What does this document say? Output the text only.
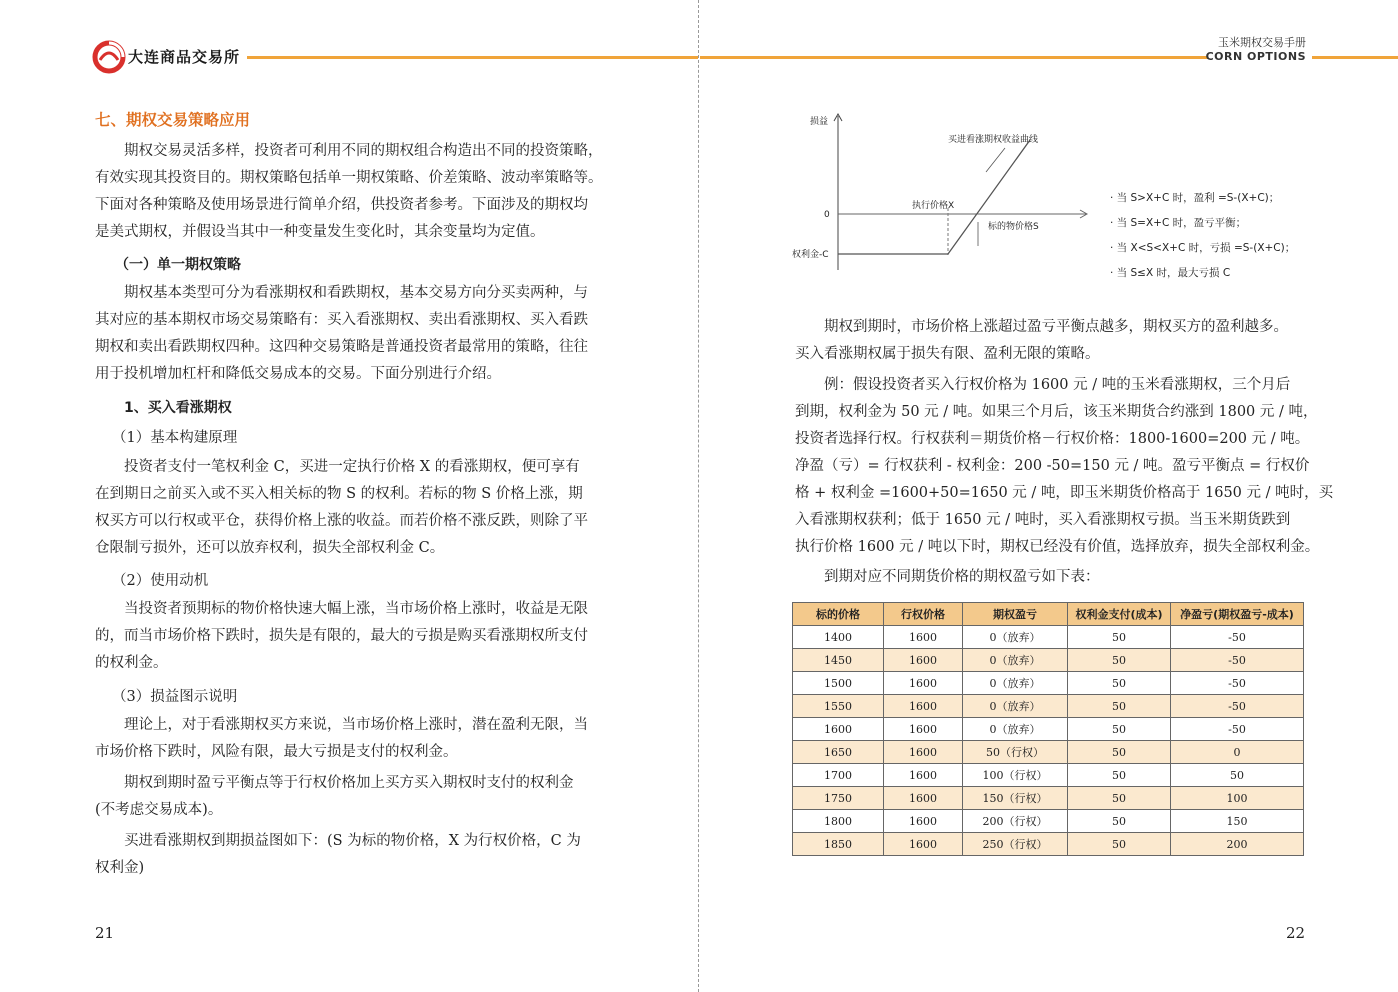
大连商品交易所
玉米期权交易手册
CORN OPTIONS
七、期权交易策略应用
期权交易灵活多样，投资者可利用不同的期权组合构造出不同的投资策略，
有效实现其投资目的。期权策略包括单一期权策略、价差策略、波动率策略等。
下面对各种策略及使用场景进行简单介绍，供投资者参考。下面涉及的期权均
是美式期权，并假设当其中一种变量发生变化时，其余变量均为定值。
（一）单一期权策略
期权基本类型可分为看涨期权和看跌期权，基本交易方向分买卖两种，与
其对应的基本期权市场交易策略有：买入看涨期权、卖出看涨期权、买入看跌
期权和卖出看跌期权四种。这四种交易策略是普通投资者最常用的策略，往往
用于投机增加杠杆和降低交易成本的交易。下面分别进行介绍。
1、买入看涨期权
（1）基本构建原理
投资者支付一笔权利金 C，买进一定执行价格 X 的看涨期权，便可享有
在到期日之前买入或不买入相关标的物 S 的权利。若标的物 S 价格上涨，期
权买方可以行权或平仓，获得价格上涨的收益。而若价格不涨反跌，则除了平
仓限制亏损外，还可以放弃权利，损失全部权利金 C。
（2）使用动机
当投资者预期标的物价格快速大幅上涨，当市场价格上涨时，收益是无限
的，而当市场价格下跌时，损失是有限的，最大的亏损是购买看涨期权所支付
的权利金。
（3）损益图示说明
理论上，对于看涨期权买方来说，当市场价格上涨时，潜在盈利无限，当
市场价格下跌时，风险有限，最大亏损是支付的权利金。
期权到期时盈亏平衡点等于行权价格加上买方买入期权时支付的权利金
(不考虑交易成本)。
买进看涨期权到期损益图如下：(S 为标的物价格，X 为行权价格，C 为
权利金)
21
损益
0
权利金-C
买进看涨期权收益曲线
执行价格X
标的物价格S
· 当 S>X+C 时，盈利 =S-(X+C)；
· 当 S=X+C 时，盈亏平衡；
· 当 X<S<X+C 时，亏损 =S-(X+C)；
· 当 S≤X 时，最大亏损 C
期权到期时，市场价格上涨超过盈亏平衡点越多，期权买方的盈利越多。
买入看涨期权属于损失有限、盈利无限的策略。
例：假设投资者买入行权价格为 1600 元 / 吨的玉米看涨期权，三个月后
到期，权利金为 50 元 / 吨。如果三个月后，该玉米期货合约涨到 1800 元 / 吨，
投资者选择行权。行权获利＝期货价格－行权价格：1800-1600=200 元 / 吨。
净盈（亏）= 行权获利 - 权利金：200 -50=150 元 / 吨。盈亏平衡点 = 行权价
格 + 权利金 =1600+50=1650 元 / 吨，即玉米期货价格高于 1650 元 / 吨时，买
入看涨期权获利；低于 1650 元 / 吨时，买入看涨期权亏损。当玉米期货跌到
执行价格 1600 元 / 吨以下时，期权已经没有价值，选择放弃，损失全部权利金。
到期对应不同期货价格的期权盈亏如下表：
标的价格	行权价格	期权盈亏	权利金支付(成本)	净盈亏(期权盈亏-成本)
1400	1600	0（放弃）	50	-50
1450	1600	0（放弃）	50	-50
1500	1600	0（放弃）	50	-50
1550	1600	0（放弃）	50	-50
1600	1600	0（放弃）	50	-50
1650	1600	50（行权）	50	0
1700	1600	100（行权）	50	50
1750	1600	150（行权）	50	100
1800	1600	200（行权）	50	150
1850	1600	250（行权）	50	200
22
